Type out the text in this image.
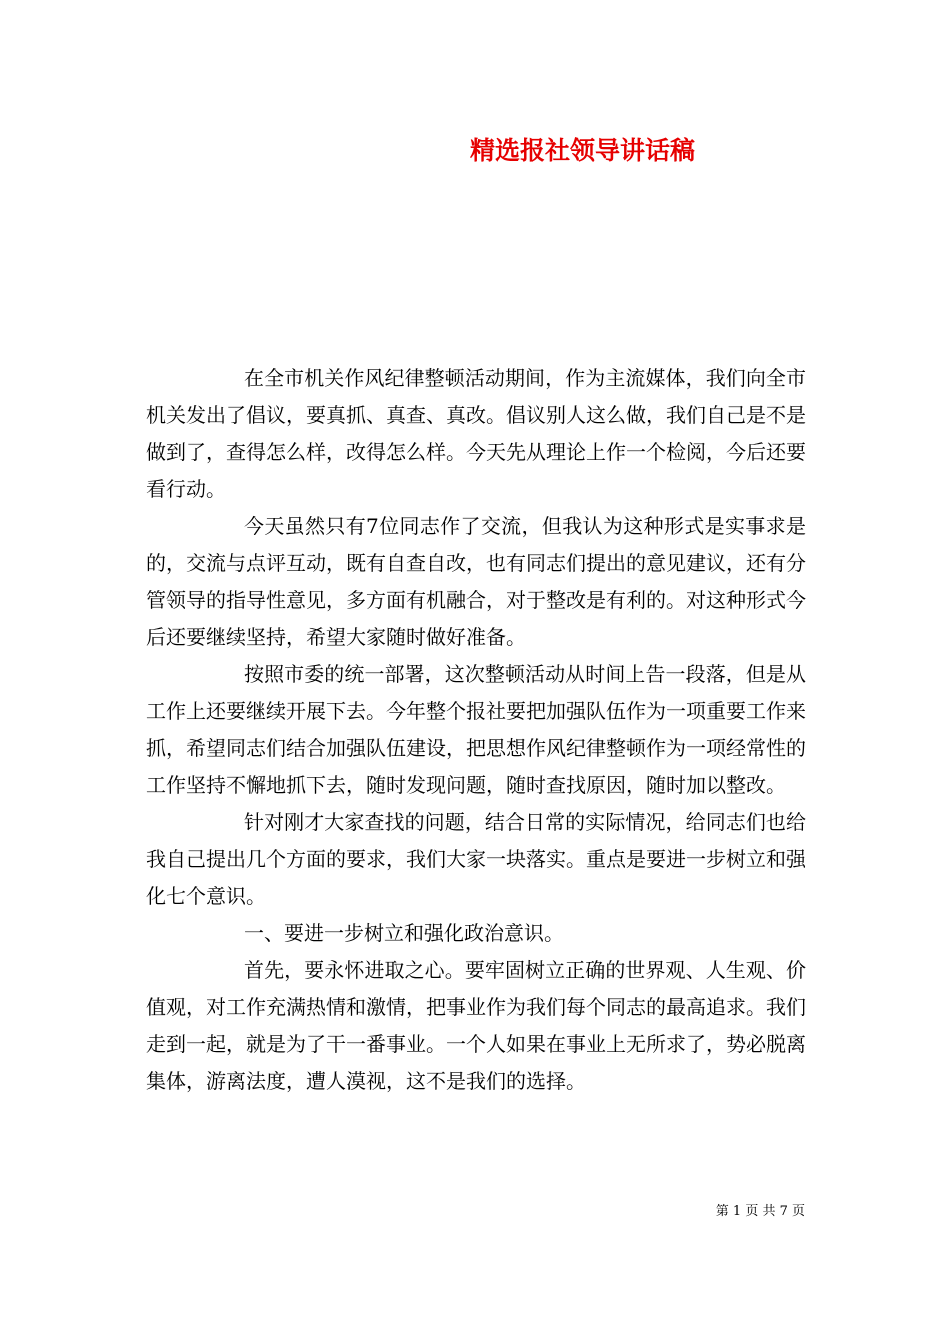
精选报社领导讲话稿

在全市机关作风纪律整顿活动期间，作为主流媒体，我们向全市机关发出了倡议，要真抓、真查、真改。倡议别人这么做，我们自己是不是做到了，查得怎么样，改得怎么样。今天先从理论上作一个检阅，今后还要看行动。

今天虽然只有7位同志作了交流，但我认为这种形式是实事求是的，交流与点评互动，既有自查自改，也有同志们提出的意见建议，还有分管领导的指导性意见，多方面有机融合，对于整改是有利的。对这种形式今后还要继续坚持，希望大家随时做好准备。

按照市委的统一部署，这次整顿活动从时间上告一段落，但是从工作上还要继续开展下去。今年整个报社要把加强队伍作为一项重要工作来抓，希望同志们结合加强队伍建设，把思想作风纪律整顿作为一项经常性的工作坚持不懈地抓下去，随时发现问题，随时查找原因，随时加以整改。

针对刚才大家查找的问题，结合日常的实际情况，给同志们也给我自己提出几个方面的要求，我们大家一块落实。重点是要进一步树立和强化七个意识。

一、要进一步树立和强化政治意识。

首先，要永怀进取之心。要牢固树立正确的世界观、人生观、价值观，对工作充满热情和激情，把事业作为我们每个同志的最高追求。我们走到一起，就是为了干一番事业。一个人如果在事业上无所求了，势必脱离集体，游离法度，遭人漠视，这不是我们的选择。

第 1 页 共 7 页
